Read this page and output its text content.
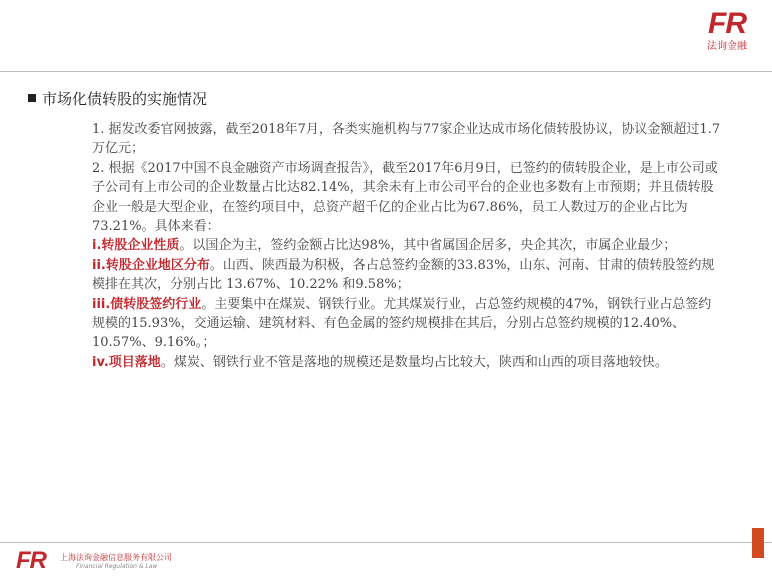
FR
法询金融
市场化债转股的实施情况

1. 据发改委官网披露，截至2018年7月，各类实施机构与77家企业达成市场化债转股协议，协议金额超过1.7万亿元；

2. 根据《2017中国不良金融资产市场调查报告》，截至2017年6月9日，已签约的债转股企业，是上市公司或子公司有上市公司的企业数量占比达82.14%，其余未有上市公司平台的企业也多数有上市预期；并且债转股企业一般是大型企业，在签约项目中，总资产超千亿的企业占比为67.86%，员工人数过万的企业占比为73.21%。具体来看：

i.转股企业性质。以国企为主，签约金额占比达98%，其中省属国企居多，央企其次，市属企业最少；

ii.转股企业地区分布。山西、陕西最为积极，各占总签约金额的33.83%，山东、河南、甘肃的债转股签约规模排在其次，分别占比 13.67%、10.22% 和9.58%；

iii.债转股签约行业。主要集中在煤炭、钢铁行业。尤其煤炭行业，占总签约规模的47%，钢铁行业占总签约规模的15.93%，交通运输、建筑材料、有色金属的签约规模排在其后，分别占总签约规模的12.40%、10.57%、9.16%。；

iv.项目落地。煤炭、钢铁行业不管是落地的规模还是数量均占比较大，陕西和山西的项目落地较快。

FR 上海法询金融信息服务有限公司
Financial Regulation & Law
